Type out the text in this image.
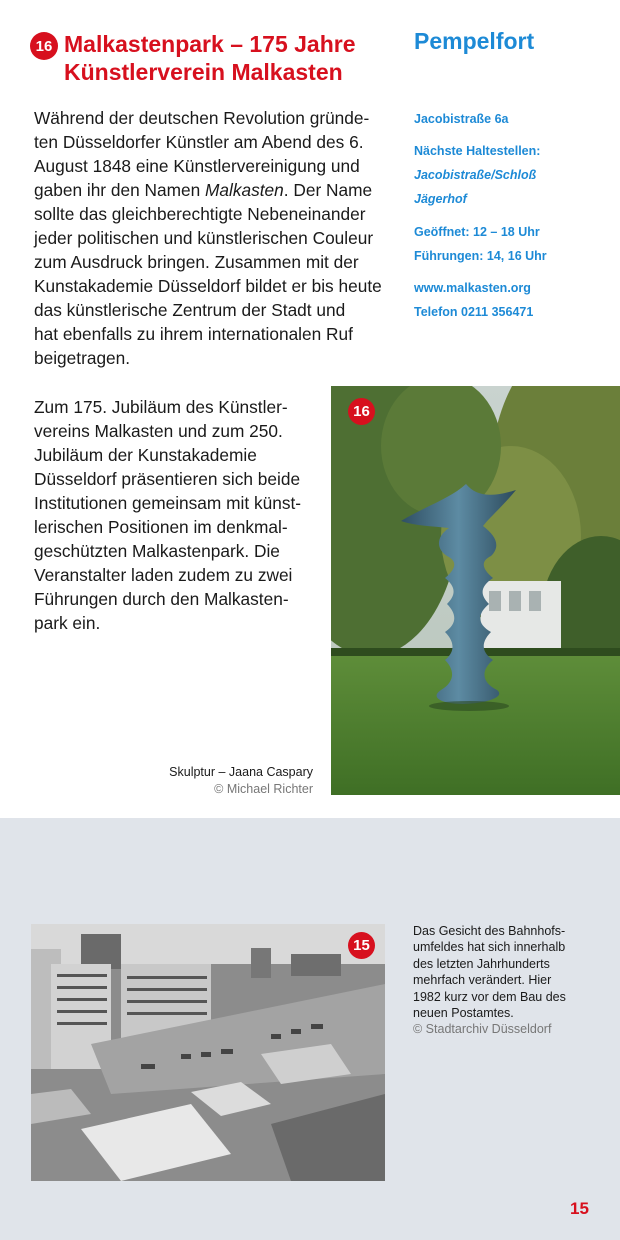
16 Malkastenpark – 175 Jahre
Künstlerverein Malkasten
Pempelfort

Während der deutschen Revolution gründe-
ten Düsseldorfer Künstler am Abend des 6.
August 1848 eine Künstlervereinigung und
gaben ihr den Namen Malkasten. Der Name
sollte das gleichberechtigte Nebeneinander
jeder politischen und künstlerischen Couleur
zum Ausdruck bringen. Zusammen mit der
Kunstakademie Düsseldorf bildet er bis heute
das künstlerische Zentrum der Stadt und
hat ebenfalls zu ihrem internationalen Ruf
beigetragen.

Jacobistraße 6a
Nächste Haltestellen:
Jacobistraße/Schloß
Jägerhof
Geöffnet: 12 – 18 Uhr
Führungen: 14, 16 Uhr
www.malkasten.org
Telefon 0211 356471

Zum 175. Jubiläum des Künstler-
vereins Malkasten und zum 250.
Jubiläum der Kunstakademie
Düsseldorf präsentieren sich beide
Institutionen gemeinsam mit künst-
lerischen Positionen im denkmal-
geschützten Malkastenpark. Die
Veranstalter laden zudem zu zwei
Führungen durch den Malkasten-
park ein.

16
Skulptur – Jaana Caspary
© Michael Richter
15
Das Gesicht des Bahnhofs-
umfeldes hat sich innerhalb
des letzten Jahrhunderts
mehrfach verändert. Hier
1982 kurz vor dem Bau des
neuen Postamtes.
© Stadtarchiv Düsseldorf
15
